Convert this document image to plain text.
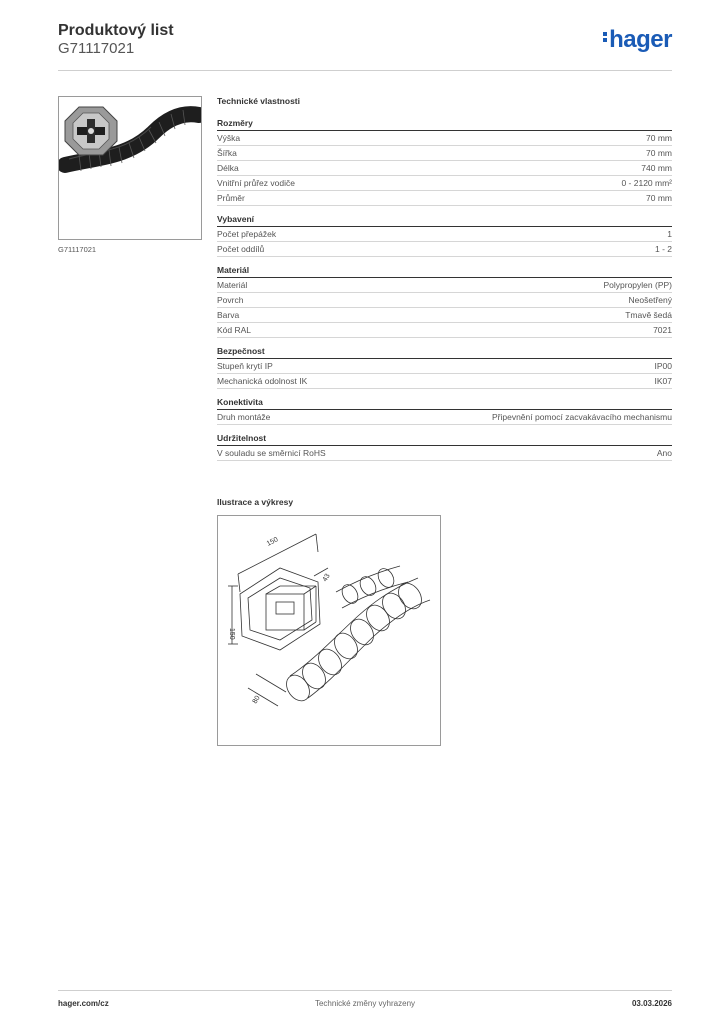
Produktový list
G71117021	hager
G71117021
Technické vlastnosti
Rozměry
Výška	70 mm
Šířka	70 mm
Délka	740 mm
Vnitřní průřez vodiče	0 - 2120 mm²
Průměr	70 mm
Vybavení
Počet přepážek	1
Počet oddílů	1 - 2
Materiál
Materiál	Polypropylen (PP)
Povrch	Neošetřený
Barva	Tmavě šedá
Kód RAL	7021
Bezpečnost
Stupeň krytí IP	IP00
Mechanická odolnost IK	IK07
Konektivita
Druh montáže	Připevnění pomocí zacvakávacího mechanismu
Udržitelnost
V souladu se směrnicí RoHS	Ano
Ilustrace a výkresy
150
150
43
80
hager.com/cz	Technické změny vyhrazeny	03.03.2026
